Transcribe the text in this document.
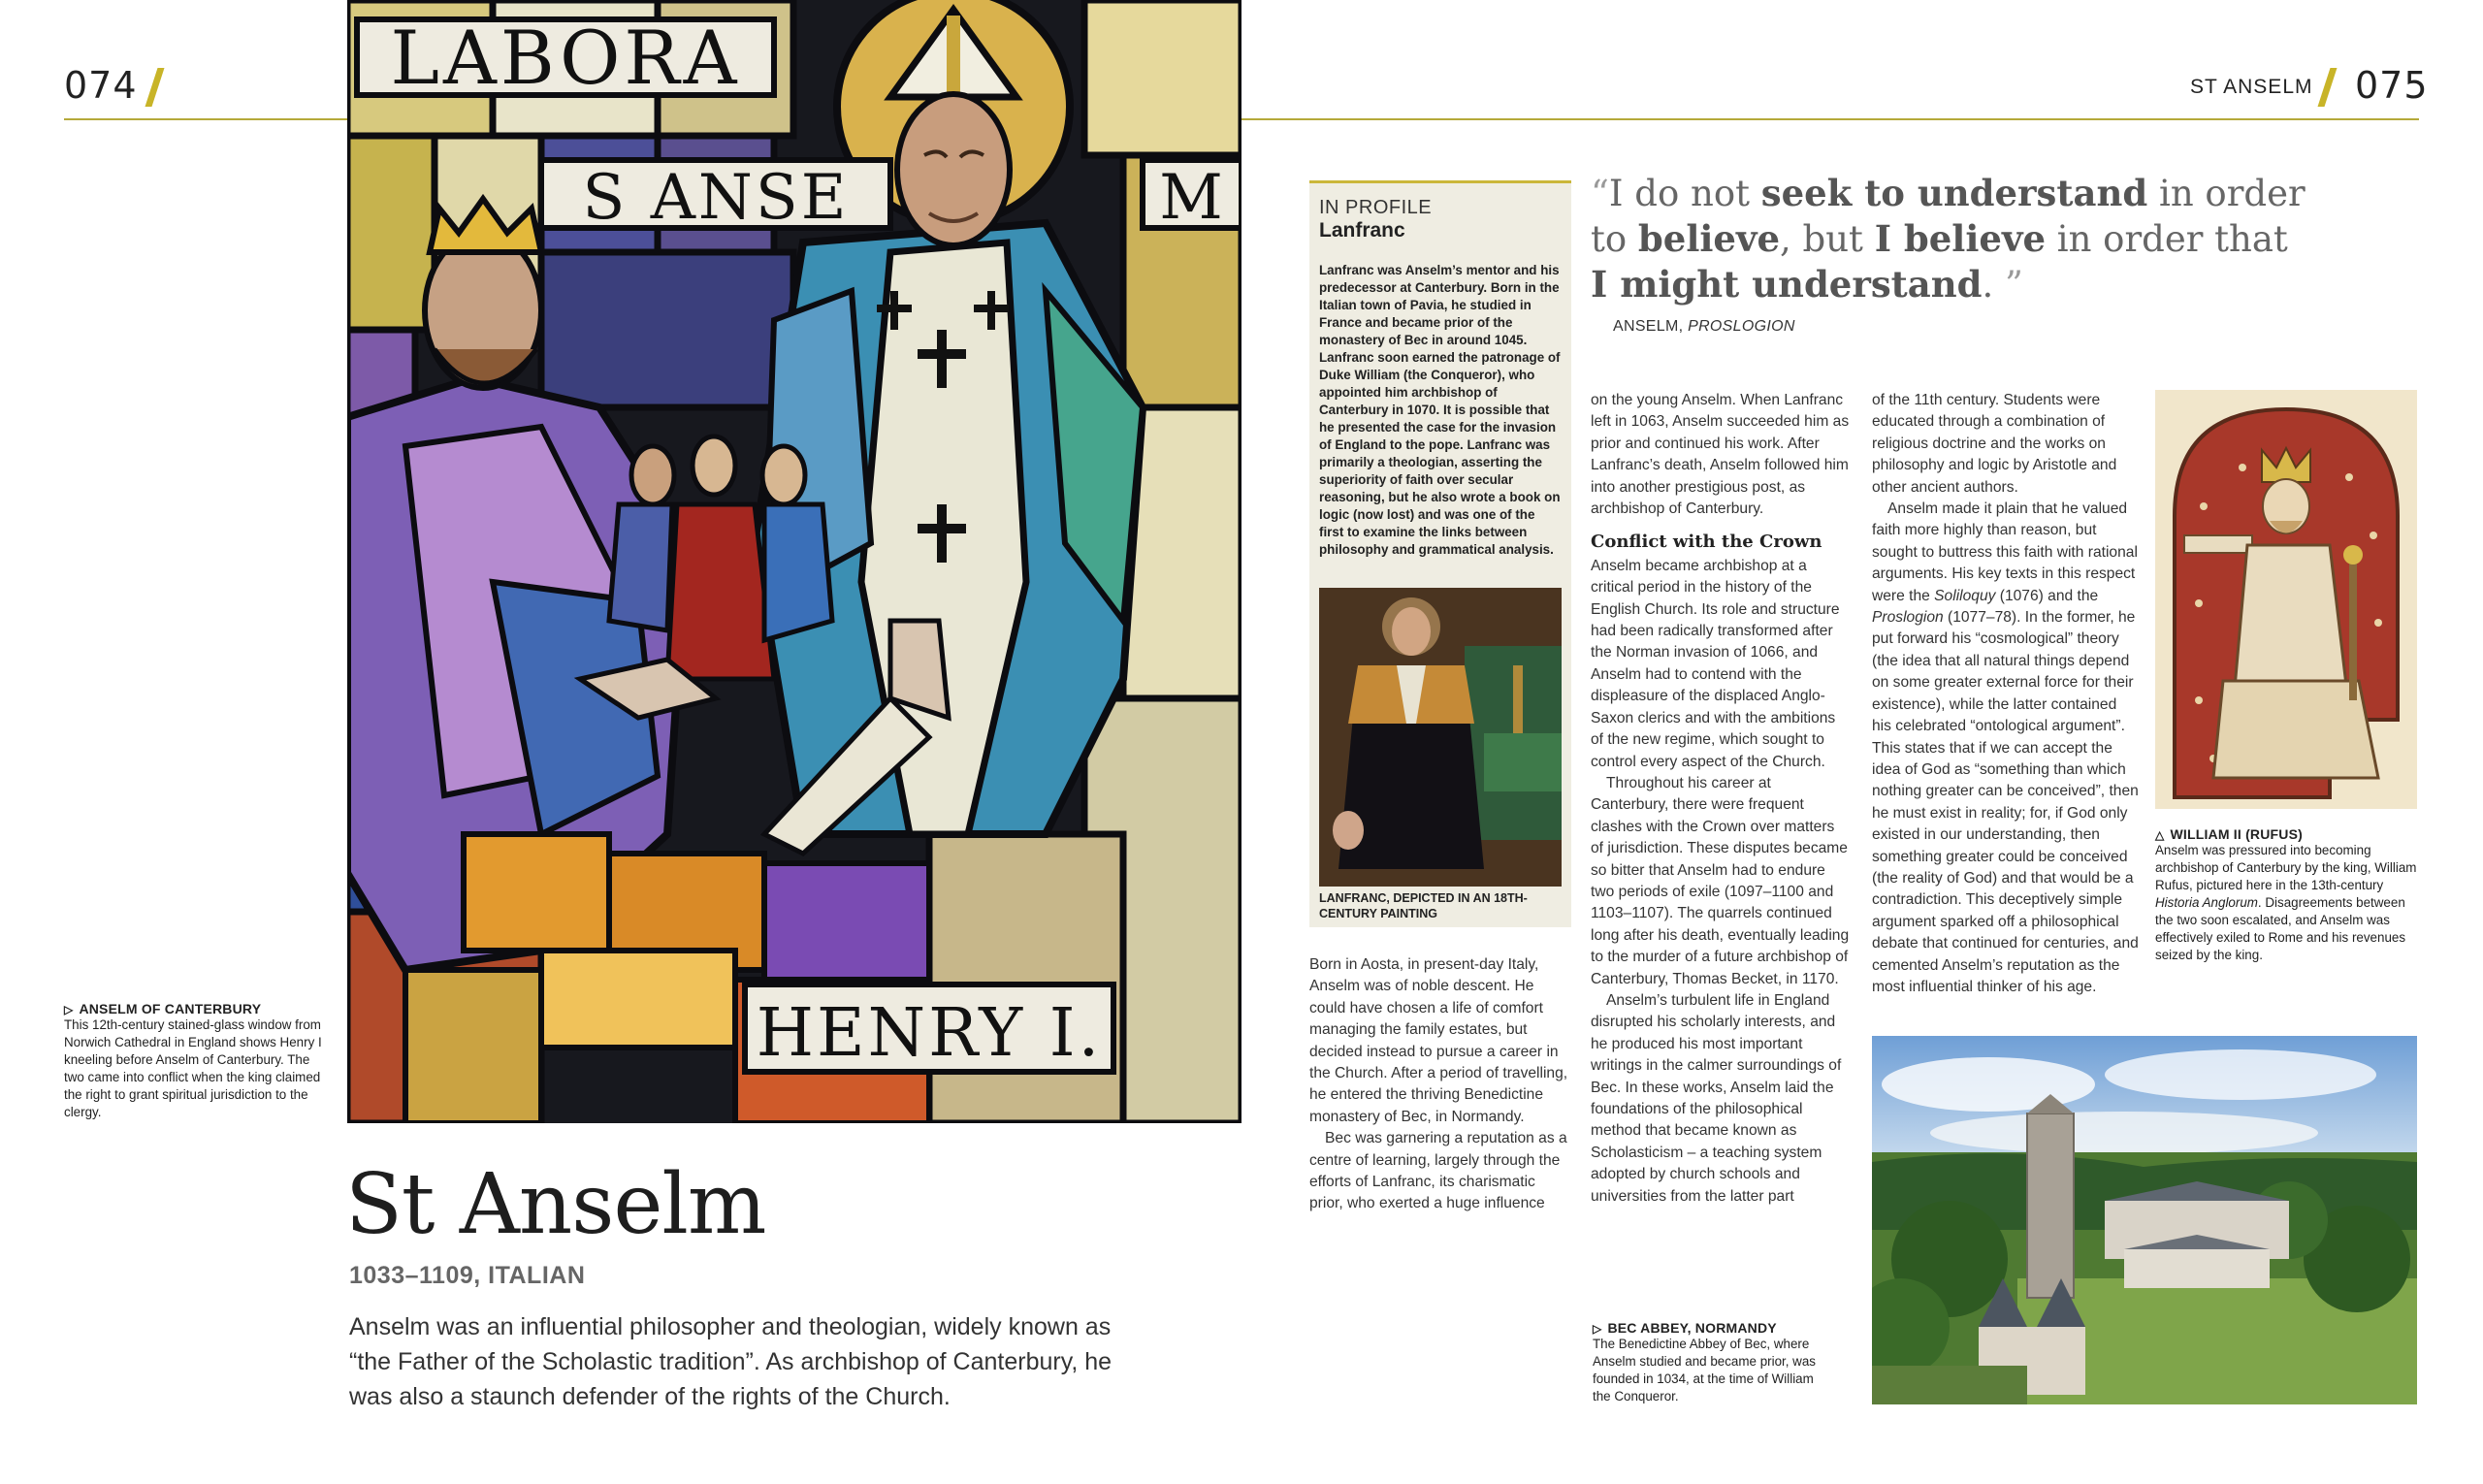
074	ST ANSELM 075
LABORA
S ANSE	M
HENRY I.
▷ ANSELM OF CANTERBURY
This 12th-century stained-glass window from Norwich Cathedral in England shows Henry I kneeling before Anselm of Canterbury. The two came into conflict when the king claimed the right to grant spiritual jurisdiction to the clergy.
St Anselm
1033–1109, ITALIAN
Anselm was an influential philosopher and theologian, widely known as “the Father of the Scholastic tradition”. As archbishop of Canterbury, he was also a staunch defender of the rights of the Church.
IN PROFILE
Lanfranc
Lanfranc was Anselm’s mentor and his predecessor at Canterbury. Born in the Italian town of Pavia, he studied in France and became prior of the monastery of Bec in around 1045. Lanfranc soon earned the patronage of Duke William (the Conqueror), who appointed him archbishop of Canterbury in 1070. It is possible that he presented the case for the invasion of England to the pope. Lanfranc was primarily a theologian, asserting the superiority of faith over secular reasoning, but he also wrote a book on logic (now lost) and was one of the first to examine the links between philosophy and grammatical analysis.
LANFRANC, DEPICTED IN AN 18TH-CENTURY PAINTING
“I do not seek to understand in order to believe, but I believe in order that I might understand. ”
ANSELM, PROSLOGION

Born in Aosta, in present-day Italy, Anselm was of noble descent. He could have chosen a life of comfort managing the family estates, but decided instead to pursue a career in the Church. After a period of travelling, he entered the thriving Benedictine monastery of Bec, in Normandy.

Bec was garnering a reputation as a centre of learning, largely through the efforts of Lanfranc, its charismatic prior, who exerted a huge influence

on the young Anselm. When Lanfranc left in 1063, Anselm succeeded him as prior and continued his work. After Lanfranc’s death, Anselm followed him into another prestigious post, as archbishop of Canterbury.

Conflict with the Crown

Anselm became archbishop at a critical period in the history of the English Church. Its role and structure had been radically transformed after the Norman invasion of 1066, and Anselm had to contend with the displeasure of the displaced Anglo-Saxon clerics and with the ambitions of the new regime, which sought to control every aspect of the Church.

Throughout his career at Canterbury, there were frequent clashes with the Crown over matters of jurisdiction. These disputes became so bitter that Anselm had to endure two periods of exile (1097–1100 and 1103–1107). The quarrels continued long after his death, eventually leading to the murder of a future archbishop of Canterbury, Thomas Becket, in 1170.

Anselm’s turbulent life in England disrupted his scholarly interests, and he produced his most important writings in the calmer surroundings of Bec. In these works, Anselm laid the foundations of the philosophical method that became known as Scholasticism – a teaching system adopted by church schools and universities from the latter part

of the 11th century. Students were educated through a combination of religious doctrine and the works on philosophy and logic by Aristotle and other ancient authors.

Anselm made it plain that he valued faith more highly than reason, but sought to buttress this faith with rational arguments. His key texts in this respect were the Soliloquy (1076) and the Proslogion (1077–78). In the former, he put forward his “cosmological” theory (the idea that all natural things depend on some greater external force for their existence), while the latter contained his celebrated “ontological argument”. This states that if we can accept the idea of God as “something than which nothing greater can be conceived”, then he must exist in reality; for, if God only existed in our understanding, then something greater could be conceived (the reality of God) and that would be a contradiction. This deceptively simple argument sparked off a philosophical debate that continued for centuries, and cemented Anselm’s reputation as the most influential thinker of his age.

△ WILLIAM II (RUFUS)
Anselm was pressured into becoming archbishop of Canterbury by the king, William Rufus, pictured here in the 13th-century Historia Anglorum. Disagreements between the two soon escalated, and Anselm was effectively exiled to Rome and his revenues seized by the king.
▷ BEC ABBEY, NORMANDY
The Benedictine Abbey of Bec, where Anselm studied and became prior, was founded in 1034, at the time of William the Conqueror.
